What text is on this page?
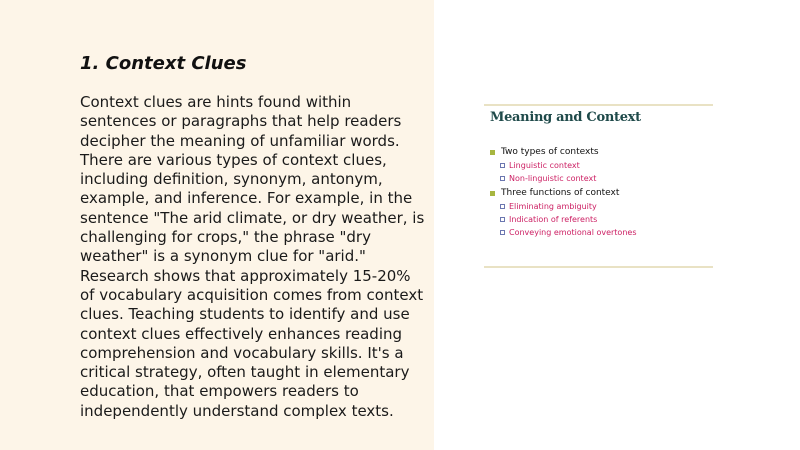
1. Context Clues

Context clues are hints found within sentences or paragraphs that help readers decipher the meaning of unfamiliar words. There are various types of context clues, including definition, synonym, antonym, example, and inference. For example, in the sentence "The arid climate, or dry weather, is challenging for crops," the phrase "dry weather" is a synonym clue for "arid." Research shows that approximately 15-20% of vocabulary acquisition comes from context clues. Teaching students to identify and use context clues effectively enhances reading comprehension and vocabulary skills. It's a critical strategy, often taught in elementary education, that empowers readers to independently understand complex texts.

Meaning and Context
Two types of contexts
Linguistic context
Non-linguistic context
Three functions of context
Eliminating ambiguity
Indication of referents
Conveying emotional overtones
